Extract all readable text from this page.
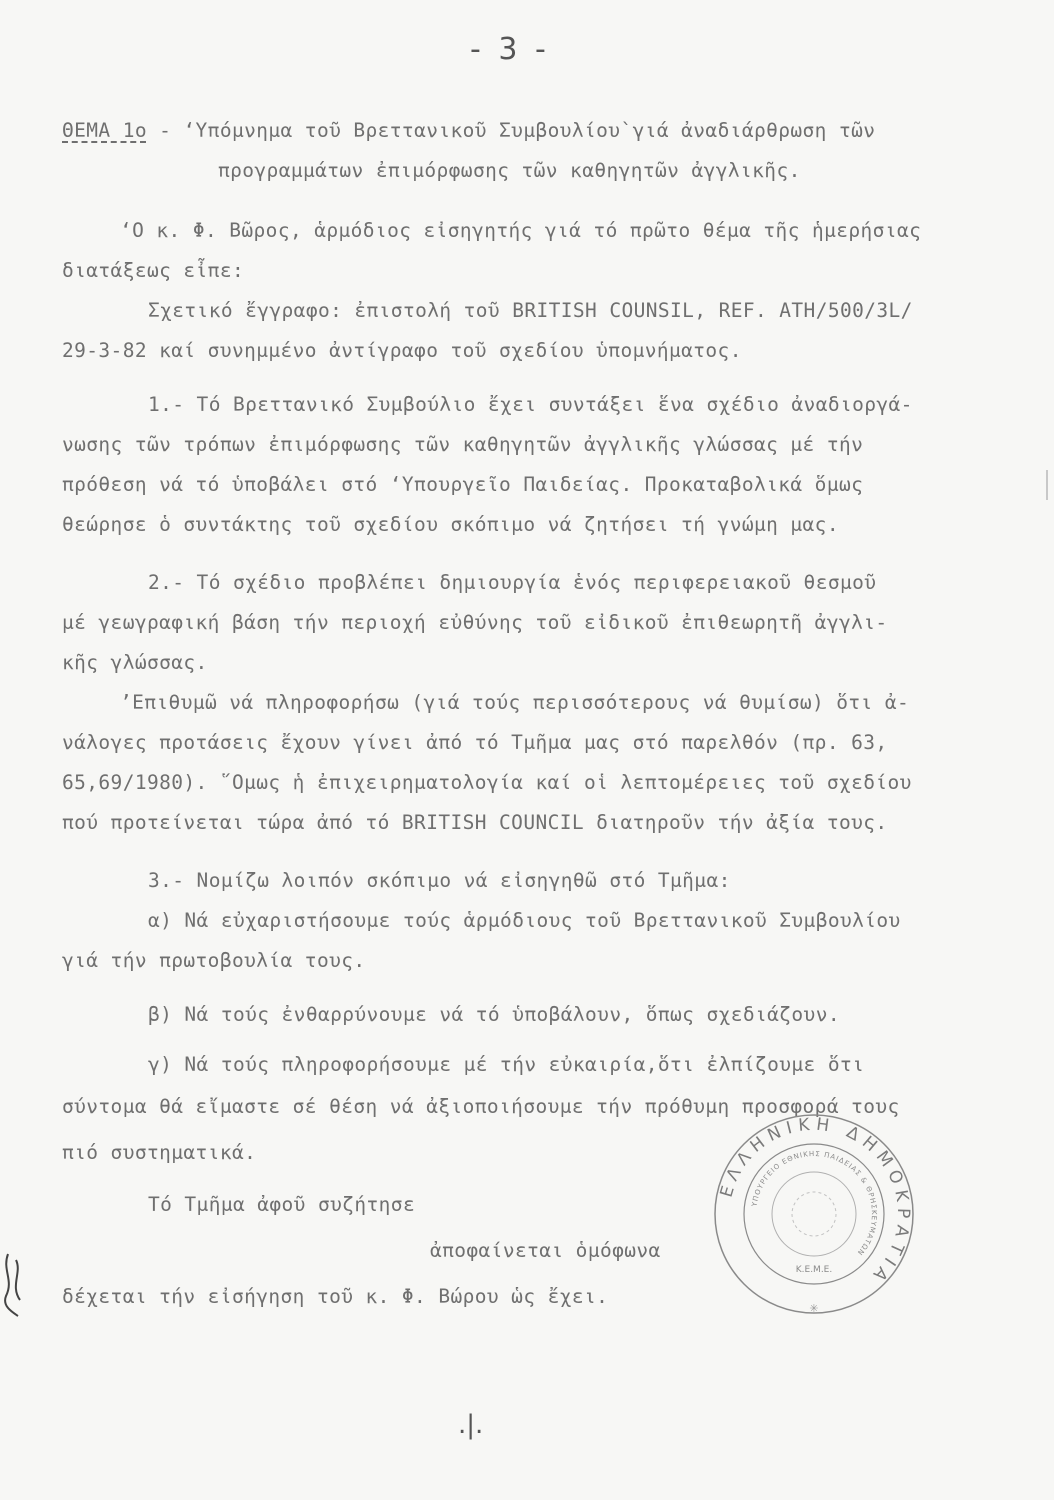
- 3 -
ΘΕΜΑ 1ο - ‘Υπόμνημα τοῦ Βρεττανικοῦ Συμβουλίου`γιά ἀναδιάρθρωση τῶν
προγραμμάτων ἐπιμόρφωσης τῶν καθηγητῶν ἀγγλικῆς.
‘Ο κ. Φ. Βῶρος, ἁρμόδιος εἰσηγητής γιά τό πρῶτο θέμα τῆς ἡμερήσιας
διατάξεως εἶπε:
Σχετικό ἔγγραφο: ἐπιστολή τοῦ BRITISH COUNSIL, REF. ATH/500/3L/
29-3-82 καί συνημμένο ἀντίγραφο τοῦ σχεδίου ὑπομνήματος.
1.- Τό Βρεττανικό Συμβούλιο ἔχει συντάξει ἕνα σχέδιο ἀναδιοργά-
νωσης τῶν τρόπων ἐπιμόρφωσης τῶν καθηγητῶν ἀγγλικῆς γλώσσας μέ τήν
πρόθεση νά τό ὑποβάλει στό ‘Υπουργεῖο Παιδείας. Προκαταβολικά ὅμως
θεώρησε ὁ συντάκτης τοῦ σχεδίου σκόπιμο νά ζητήσει τή γνώμη μας.
2.- Τό σχέδιο προβλέπει δημιουργία ἑνός περιφερειακοῦ θεσμοῦ
μέ γεωγραφική βάση τήν περιοχή εὐθύνης τοῦ εἰδικοῦ ἐπιθεωρητῆ ἀγγλι-
κῆς γλώσσας.
’Επιθυμῶ νά πληροφορήσω (γιά τούς περισσότερους νά θυμίσω) ὅτι ἀ-
νάλογες προτάσεις ἔχουν γίνει ἀπό τό Τμῆμα μας στό παρελθόν (πρ. 63,
65,69/1980). ῞Ομως ἡ ἐπιχειρηματολογία καί οἱ λεπτομέρειες τοῦ σχεδίου
πού προτείνεται τώρα ἀπό τό BRITISH COUNCIL διατηροῦν τήν ἀξία τους.
3.- Νομίζω λοιπόν σκόπιμο νά εἰσηγηθῶ στό Τμῆμα:
α) Νά εὐχαριστήσουμε τούς ἁρμόδιους τοῦ Βρεττανικοῦ Συμβουλίου
γιά τήν πρωτοβουλία τους.
β) Νά τούς ἐνθαρρύνουμε νά τό ὑποβάλουν, ὅπως σχεδιάζουν.
γ) Νά τούς πληροφορήσουμε μέ τήν εὐκαιρία,ὅτι ἐλπίζουμε ὅτι
σύντομα θά εἴμαστε σέ θέση νά ἀξιοποιήσουμε τήν πρόθυμη προσφορά τους
πιό συστηματικά.
Τό Τμῆμα ἀφοῦ συζήτησε
ἀποφαίνεται ὁμόφωνα
δέχεται τήν εἰσήγηση τοῦ κ. Φ. Βώρου ὡς ἔχει.
ΕΛΛΗΝΙΚΗ ΔΗΜΟΚΡΑΤΙΑ
ΥΠΟΥΡΓΕΙΟ ΕΘΝΙΚΗΣ ΠΑΙΔΕΙΑΣ & ΘΡΗΣΚΕΥΜΑΤΩΝ
Κ.Ε.Μ.Ε.
✳
.|.
